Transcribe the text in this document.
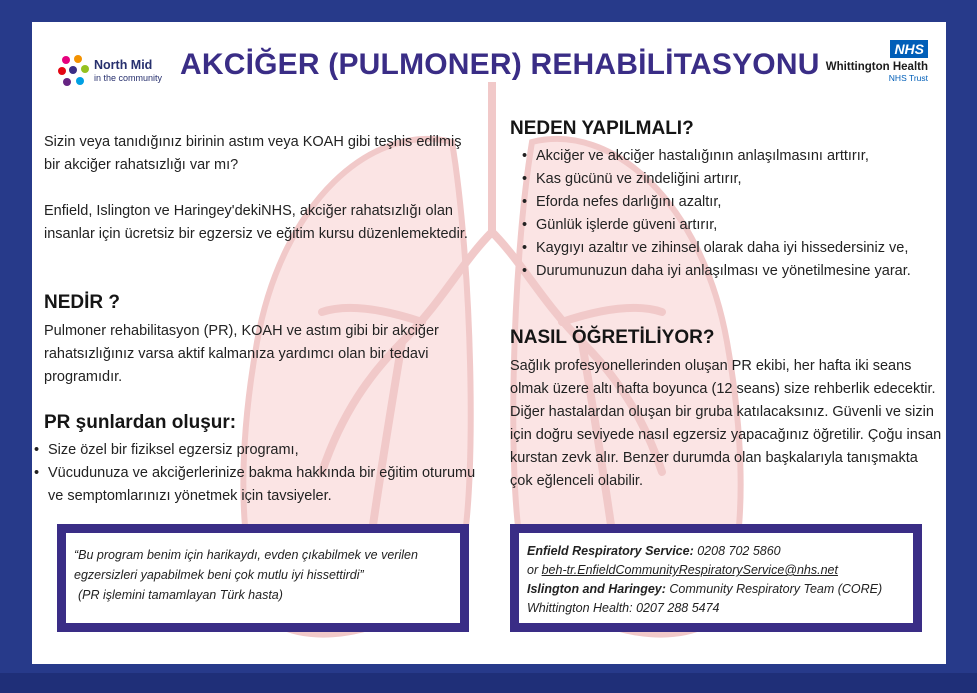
North Mid
in the community AKCİĞER (PULMONER) REHABİLİTASYONU	NHS
Whittington Health
NHS Trust
Sizin veya tanıdığınız birinin astım veya KOAH gibi teşhis edilmiş bir akciğer rahatsızlığı var mı?
Enfield, Islington ve Haringey'dekiNHS, akciğer rahatsızlığı olan insanlar için ücretsiz bir egzersiz ve eğitim kursu düzenlemektedir.
NEDİR ?
Pulmoner rehabilitasyon (PR), KOAH ve astım gibi bir akciğer rahatsızlığınız varsa aktif kalmanıza yardımcı olan bir tedavi programıdır.
PR şunlardan oluşur:
• Size özel bir fiziksel egzersiz programı,
• Vücudunuza ve akciğerlerinize bakma hakkında bir eğitim oturumu ve semptomlarınızı yönetmek için tavsiyeler.
NEDEN YAPILMALI?
• Akciğer ve akciğer hastalığının anlaşılmasını arttırır,
• Kas gücünü ve zindeliğini artırır,
• Eforda nefes darlığını azaltır,
• Günlük işlerde güveni artırır,
• Kaygıyı azaltır ve zihinsel olarak daha iyi hissedersiniz ve,
• Durumunuzun daha iyi anlaşılması ve yönetilmesine yarar.
NASIL ÖĞRETİLİYOR?
Sağlık profesyonellerinden oluşan PR ekibi, her hafta iki seans olmak üzere altı hafta boyunca (12 seans) size rehberlik edecektir. Diğer hastalardan oluşan bir gruba katılacaksınız. Güvenli ve sizin için doğru seviyede nasıl egzersiz yapacağınız öğretilir. Çoğu insan kurstan zevk alır. Benzer durumda olan başkalarıyla tanışmakta çok eğlenceli olabilir.
“Bu program benim için harikaydı, evden çıkabilmek ve verilen egzersizleri yapabilmek beni çok mutlu iyi hissettirdi”
(PR işlemini tamamlayan Türk hasta)
Enfield Respiratory Service: 0208 702 5860
or beh-tr.EnfieldCommunityRespiratoryService@nhs.net
Islington and Haringey: Community Respiratory Team (CORE)
Whittington Health: 0207 288 5474
